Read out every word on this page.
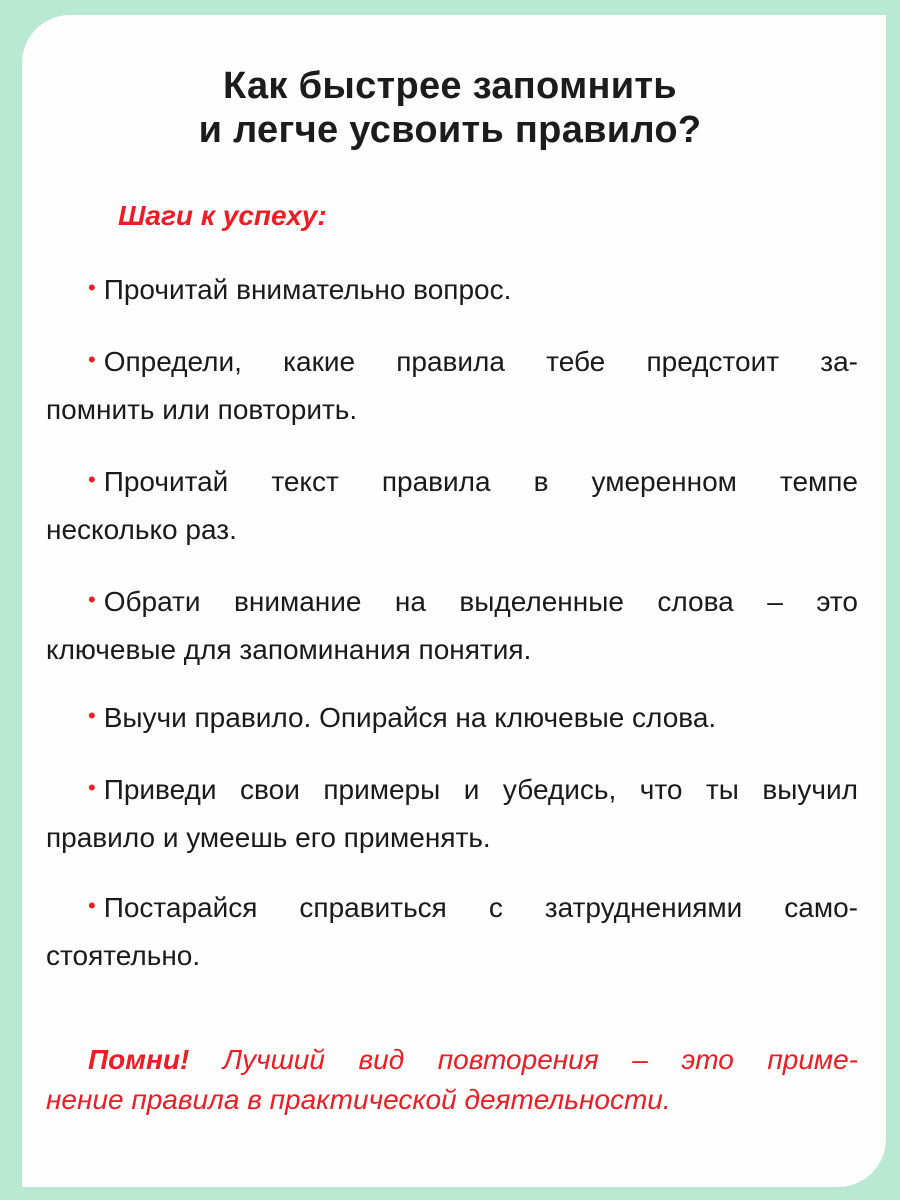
Как быстрее запомнить
и легче усвоить правило?
Шаги к успеху:
• Прочитай внимательно вопрос.
• Определи, какие правила тебе предстоит за-
помнить или повторить.
• Прочитай текст правила в умеренном темпе
несколько раз.
• Обрати внимание на выделенные слова – это
ключевые для запоминания понятия.
• Выучи правило. Опирайся на ключевые слова.
• Приведи свои примеры и убедись, что ты выучил
правило и умеешь его применять.
• Постарайся справиться с затруднениями само-
стоятельно.
Помни! Лучший вид повторения – это приме-
нение правила в практической деятельности.
